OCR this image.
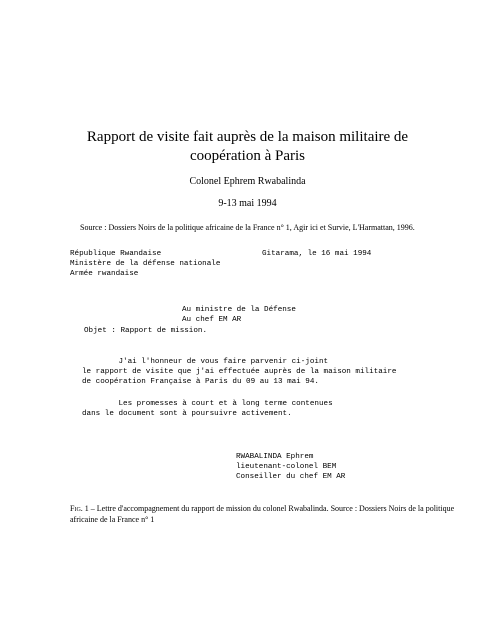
Rapport de visite fait auprès de la maison militaire de
coopération à Paris
Colonel Ephrem Rwabalinda
9-13 mai 1994
Source : Dossiers Noirs de la politique africaine de la France n° 1, Agir ici et Survie, L'Harmattan, 1996.
République Rwandaise
Ministère de la défense nationale
Armée rwandaise
Gitarama, le 16 mai 1994
Au ministre de la Défense
Au chef EM AR
Objet : Rapport de mission.
J'ai l'honneur de vous faire parvenir ci-joint
le rapport de visite que j'ai effectuée auprès de la maison militaire
de coopération Française à Paris du 09 au 13 mai 94.
Les promesses à court et à long terme contenues
dans le document sont à poursuivre activement.
RWABALINDA Ephrem
lieutenant-colonel BEM
Conseiller du chef EM AR
Fig. 1 – Lettre d'accompagnement du rapport de mission du colonel Rwabalinda. Source : Dossiers Noirs de la politique africaine de la France n° 1
